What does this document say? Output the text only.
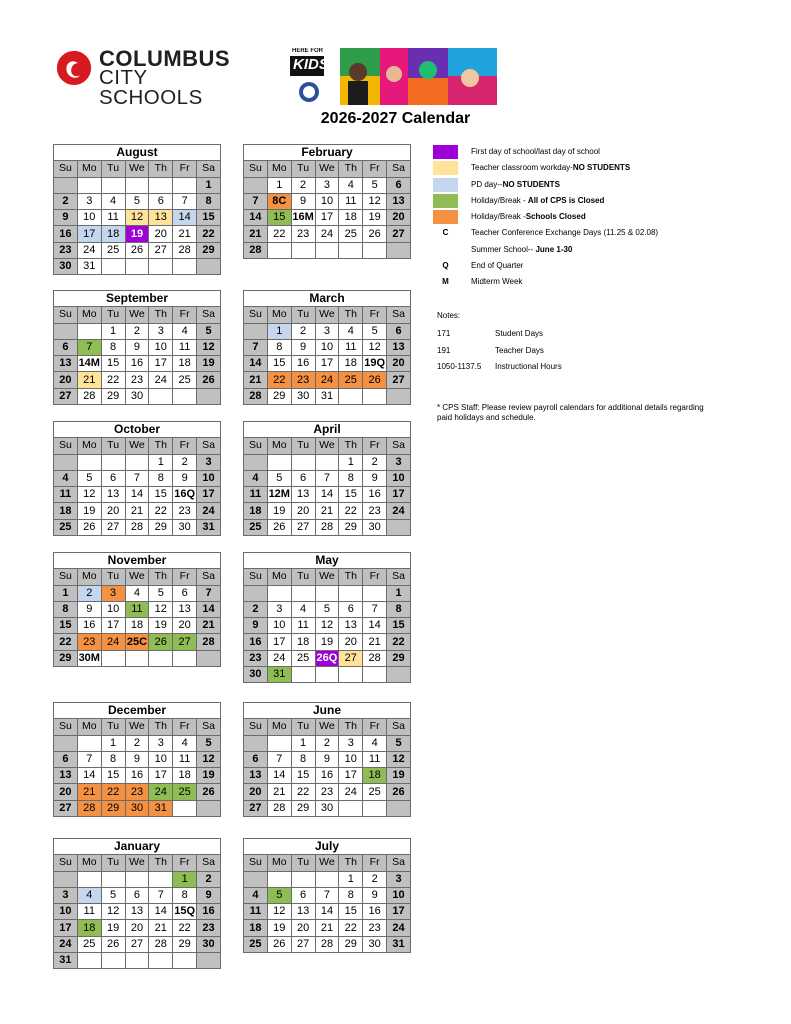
COLUMBUS
CITY SCHOOLS
HERE FOR
KIDS
2026-2027 Calendar
August						
Su	Mo	Tu	We	Th	Fr	Sa
						1
2	3	4	5	6	7	8
9	10	11	12	13	14	15
16	17	18	19	20	21	22
23	24	25	26	27	28	29
30	31					
February						
Su	Mo	Tu	We	Th	Fr	Sa
	1	2	3	4	5	6
7	8C	9	10	11	12	13
14	15	16M	17	18	19	20
21	22	23	24	25	26	27
28						
September						
Su	Mo	Tu	We	Th	Fr	Sa
		1	2	3	4	5
6	7	8	9	10	11	12
13	14M	15	16	17	18	19
20	21	22	23	24	25	26
27	28	29	30			
March						
Su	Mo	Tu	We	Th	Fr	Sa
	1	2	3	4	5	6
7	8	9	10	11	12	13
14	15	16	17	18	19Q	20
21	22	23	24	25	26	27
28	29	30	31			
October						
Su	Mo	Tu	We	Th	Fr	Sa
				1	2	3
4	5	6	7	8	9	10
11	12	13	14	15	16Q	17
18	19	20	21	22	23	24
25	26	27	28	29	30	31
April						
Su	Mo	Tu	We	Th	Fr	Sa
				1	2	3
4	5	6	7	8	9	10
11	12M	13	14	15	16	17
18	19	20	21	22	23	24
25	26	27	28	29	30	
November						
Su	Mo	Tu	We	Th	Fr	Sa
1	2	3	4	5	6	7
8	9	10	11	12	13	14
15	16	17	18	19	20	21
22	23	24	25C	26	27	28
29	30M					
May						
Su	Mo	Tu	We	Th	Fr	Sa
						1
2	3	4	5	6	7	8
9	10	11	12	13	14	15
16	17	18	19	20	21	22
23	24	25	26Q	27	28	29
30	31					
December						
Su	Mo	Tu	We	Th	Fr	Sa
		1	2	3	4	5
6	7	8	9	10	11	12
13	14	15	16	17	18	19
20	21	22	23	24	25	26
27	28	29	30	31		
June						
Su	Mo	Tu	We	Th	Fr	Sa
		1	2	3	4	5
6	7	8	9	10	11	12
13	14	15	16	17	18	19
20	21	22	23	24	25	26
27	28	29	30			
January						
Su	Mo	Tu	We	Th	Fr	Sa
					1	2
3	4	5	6	7	8	9
10	11	12	13	14	15Q	16
17	18	19	20	21	22	23
24	25	26	27	28	29	30
31						
July						
Su	Mo	Tu	We	Th	Fr	Sa
				1	2	3
4	5	6	7	8	9	10
11	12	13	14	15	16	17
18	19	20	21	22	23	24
25	26	27	28	29	30	31
First day of school/last day of school
Teacher classroom workday-NO STUDENTS
PD day--NO STUDENTS
Holiday/Break - All of CPS is Closed
Holiday/Break -Schools Closed
C	Teacher Conference Exchange Days (11.25 & 02.08)
Summer School-- June 1-30
Q	End of Quarter
M	Midterm Week
Notes:
171	Student Days
191	Teacher Days
1050-1137.5	Instructional Hours
* CPS Staff: Please review payroll calendars for additional details regarding paid holidays and schedule.
